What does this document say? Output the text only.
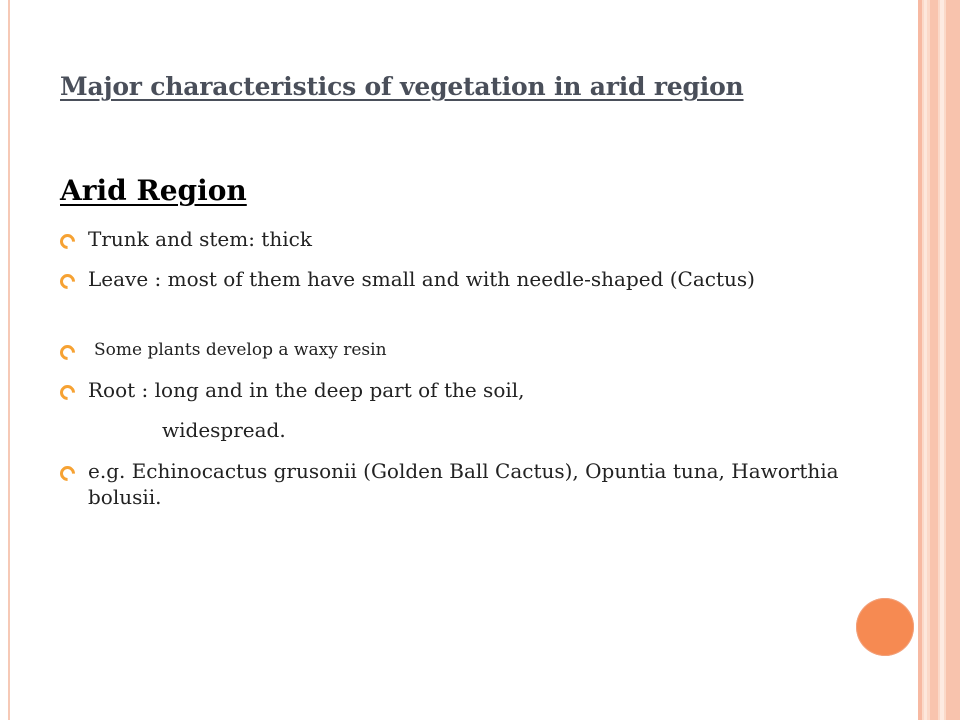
Major characteristics of vegetation in arid region
Arid Region
Trunk and stem: thick
Leave : most of them have small and with needle-shaped (Cactus)
Some plants develop a waxy resin
Root : long and in the deep part of the soil,
widespread.
e.g. Echinocactus grusonii (Golden Ball Cactus), Opuntia tuna, Haworthia bolusii.
